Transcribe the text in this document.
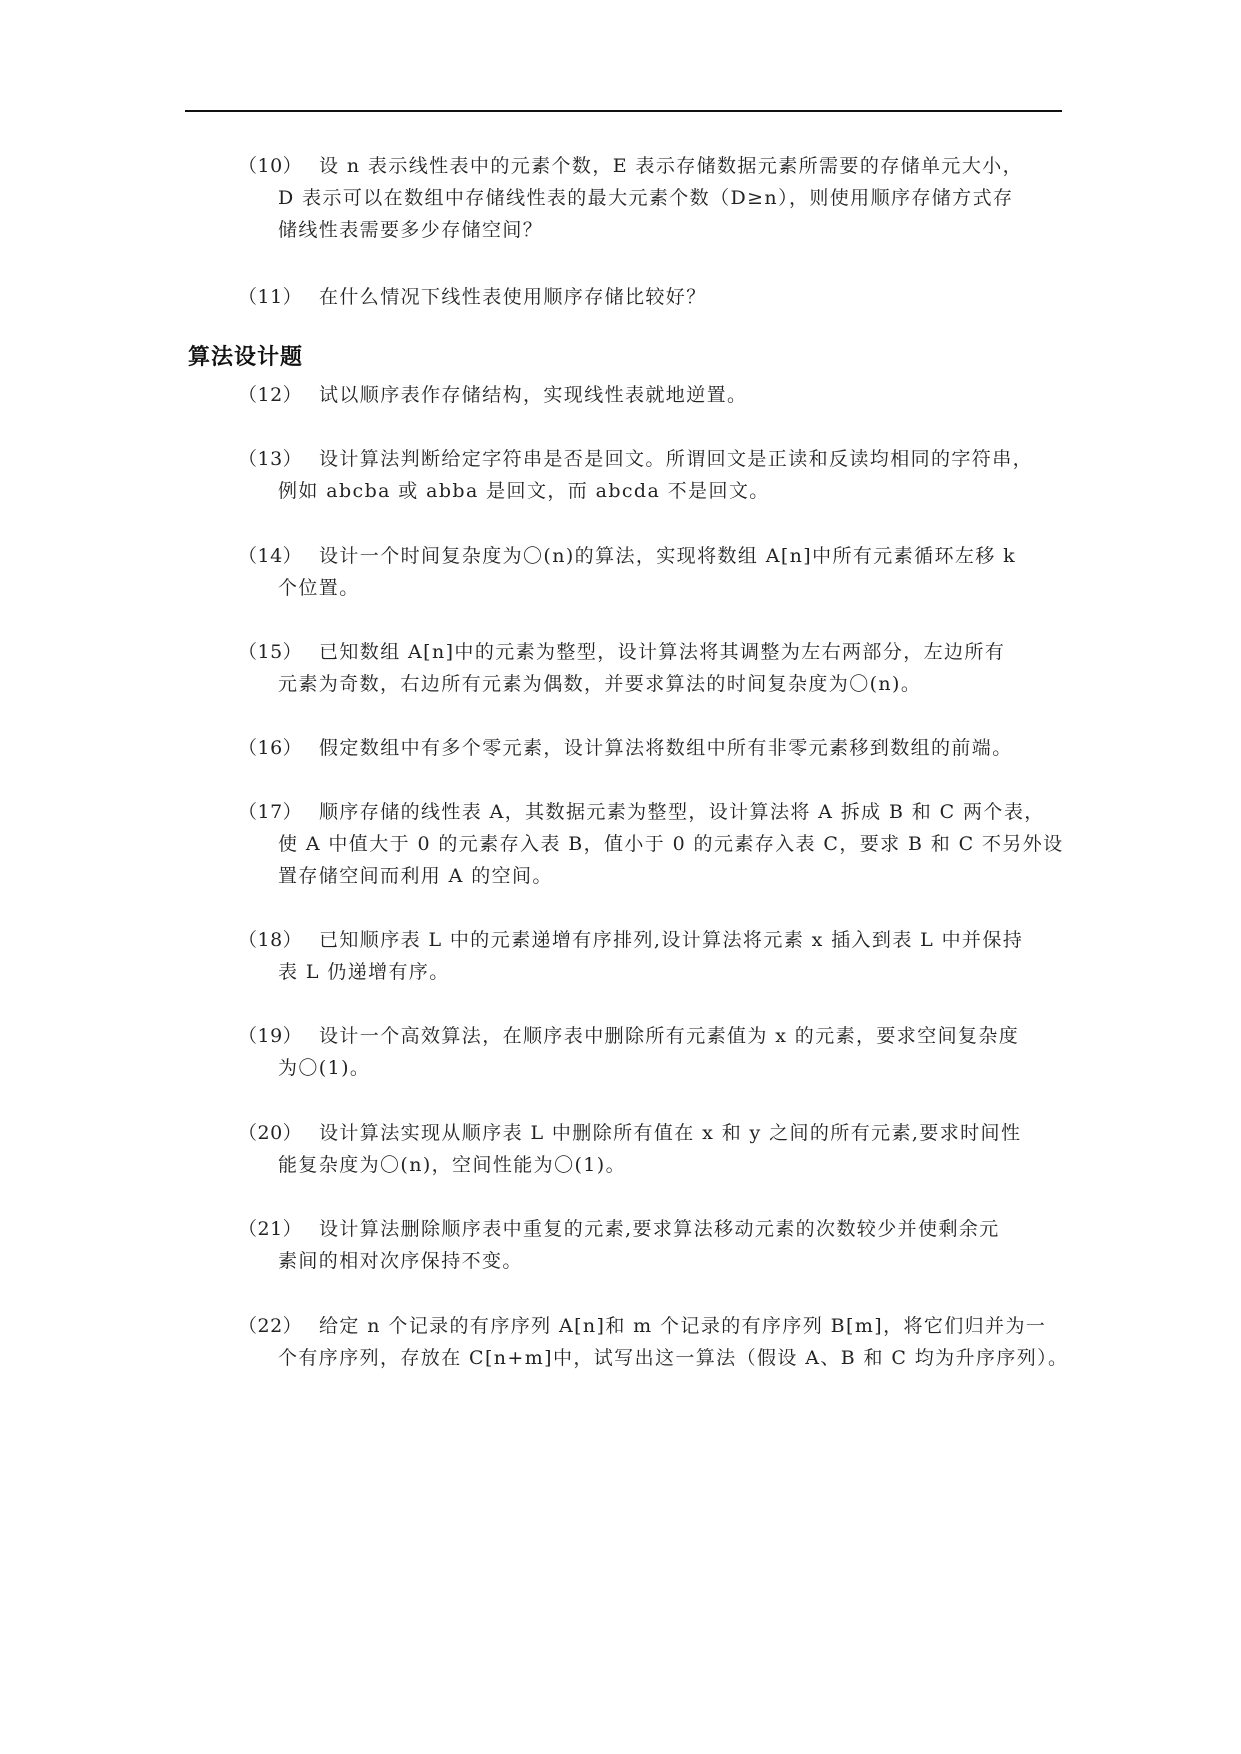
（10） 设 n 表示线性表中的元素个数，E 表示存储数据元素所需要的存储单元大小，

D 表示可以在数组中存储线性表的最大元素个数（D≥n），则使用顺序存储方式存

储线性表需要多少存储空间？

（11） 在什么情况下线性表使用顺序存储比较好？

算法设计题

（12） 试以顺序表作存储结构，实现线性表就地逆置。

（13） 设计算法判断给定字符串是否是回文。所谓回文是正读和反读均相同的字符串，

例如 abcba 或 abba 是回文，而 abcda 不是回文。

（14） 设计一个时间复杂度为〇(n)的算法，实现将数组 A[n]中所有元素循环左移 k

个位置。

（15） 已知数组 A[n]中的元素为整型，设计算法将其调整为左右两部分，左边所有

元素为奇数，右边所有元素为偶数，并要求算法的时间复杂度为〇(n)。

（16） 假定数组中有多个零元素，设计算法将数组中所有非零元素移到数组的前端。

（17） 顺序存储的线性表 A，其数据元素为整型，设计算法将 A 拆成 B 和 C 两个表，

使 A 中值大于 0 的元素存入表 B，值小于 0 的元素存入表 C，要求 B 和 C 不另外设

置存储空间而利用 A 的空间。

（18） 已知顺序表 L 中的元素递增有序排列,设计算法将元素 x 插入到表 L 中并保持

表 L 仍递增有序。

（19） 设计一个高效算法，在顺序表中删除所有元素值为 x 的元素，要求空间复杂度

为〇(1)。

（20） 设计算法实现从顺序表 L 中删除所有值在 x 和 y 之间的所有元素,要求时间性

能复杂度为〇(n)，空间性能为〇(1)。

（21） 设计算法删除顺序表中重复的元素,要求算法移动元素的次数较少并使剩余元

素间的相对次序保持不变。

（22） 给定 n 个记录的有序序列 A[n]和 m 个记录的有序序列 B[m]，将它们归并为一

个有序序列，存放在 C[n+m]中，试写出这一算法（假设 A、B 和 C 均为升序序列）。
